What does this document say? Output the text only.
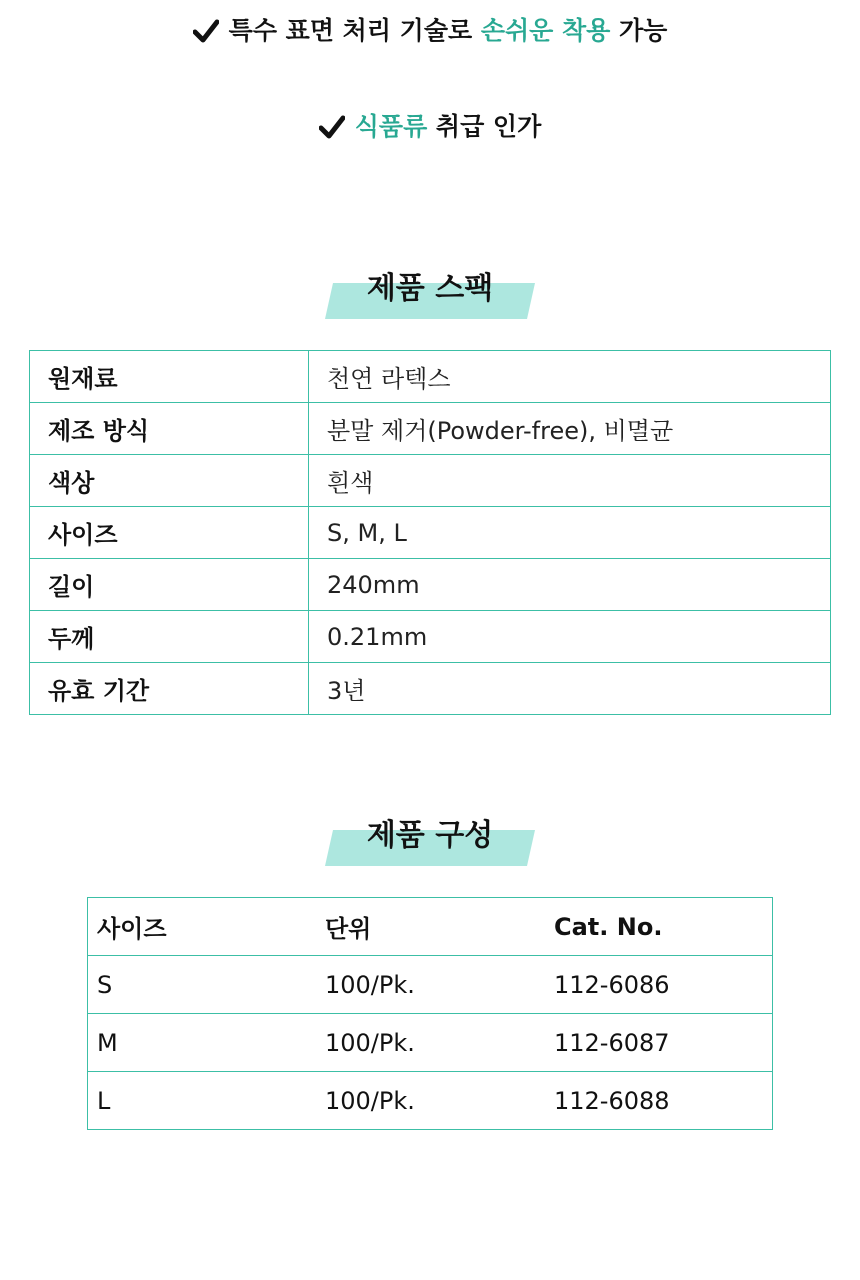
특수 표면 처리 기술로 손쉬운 착용 가능
식품류 취급 인가
제품 스팩
원재료	천연 라텍스
제조 방식	분말 제거(Powder-free), 비멸균
색상	흰색
사이즈	S, M, L
길이	240mm
두께	0.21mm
유효 기간	3년
제품 구성
사이즈	단위	Cat. No.
S	100/Pk.	112-6086
M	100/Pk.	112-6087
L	100/Pk.	112-6088
